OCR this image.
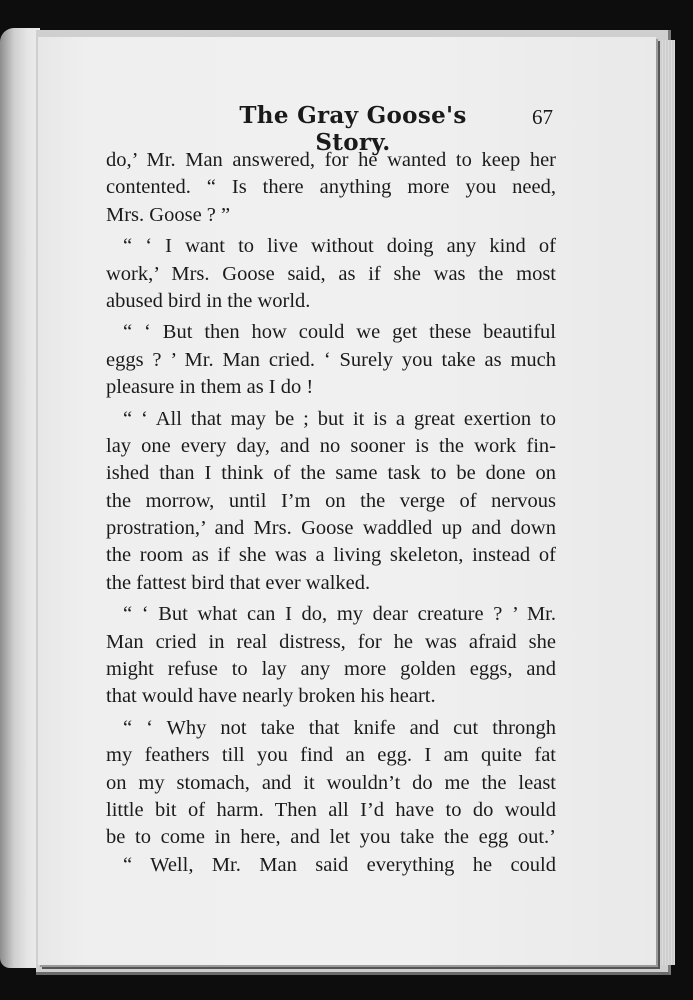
The Gray Goose's Story.
67
do,’ Mr. Man answered, for he wanted to keep her
contented. “ Is there anything more you need,
Mrs. Goose ? ”
“ ‘ I want to live without doing any kind of
work,’ Mrs. Goose said, as if she was the most
abused bird in the world.
“ ‘ But then how could we get these beautiful
eggs ? ’ Mr. Man cried. ‘ Surely you take as much
pleasure in them as I do !
“ ‘ All that may be ; but it is a great exertion to
lay one every day, and no sooner is the work fin-
ished than I think of the same task to be done on
the morrow, until I’m on the verge of nervous
prostration,’ and Mrs. Goose waddled up and down
the room as if she was a living skeleton, instead of
the fattest bird that ever walked.
“ ‘ But what can I do, my dear creature ? ’ Mr.
Man cried in real distress, for he was afraid she
might refuse to lay any more golden eggs, and
that would have nearly broken his heart.
“ ‘ Why not take that knife and cut throngh
my feathers till you find an egg. I am quite fat
on my stomach, and it wouldn’t do me the least
little bit of harm. Then all I’d have to do would
be to come in here, and let you take the egg out.’
“ Well, Mr. Man said everything he could
